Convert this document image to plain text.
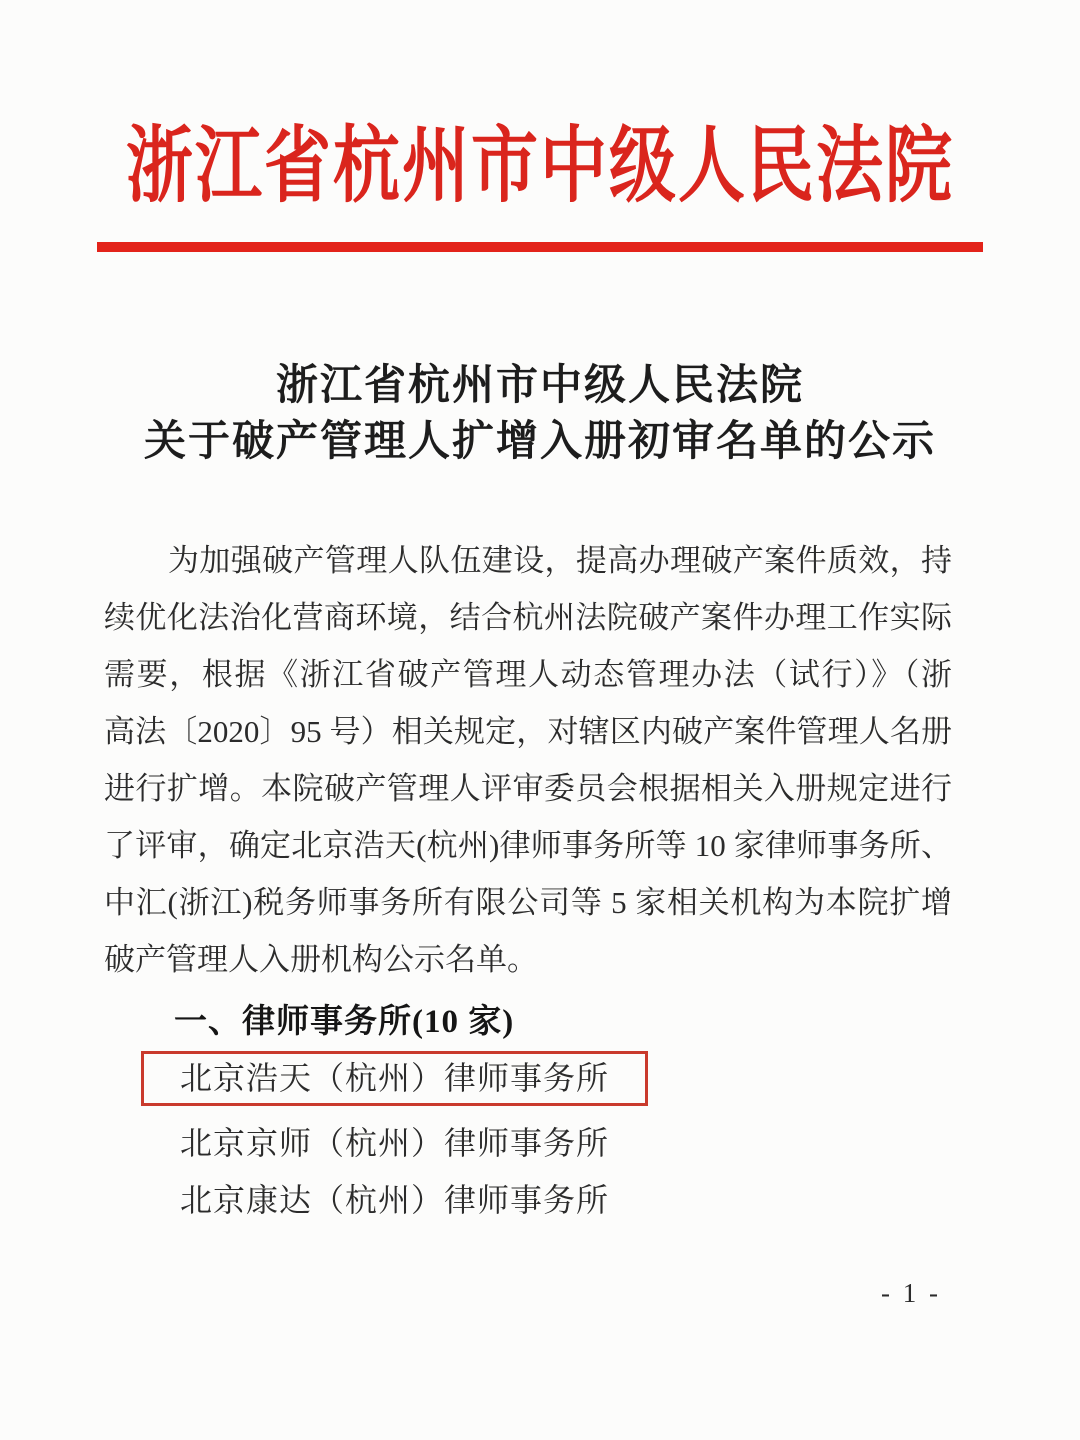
浙江省杭州市中级人民法院
浙江省杭州市中级人民法院
关于破产管理人扩增入册初审名单的公示
为加强破产管理人队伍建设，提高办理破产案件质效，持
续优化法治化营商环境，结合杭州法院破产案件办理工作实际
需要，根据《浙江省破产管理人动态管理办法（试行）》（浙
高法〔2020〕95 号）相关规定，对辖区内破产案件管理人名册
进行扩增。本院破产管理人评审委员会根据相关入册规定进行
了评审，确定北京浩天(杭州)律师事务所等 10 家律师事务所、
中汇(浙江)税务师事务所有限公司等 5 家相关机构为本院扩增
破产管理人入册机构公示名单。
一、律师事务所(10 家)
北京浩天（杭州）律师事务所
北京京师（杭州）律师事务所
北京康达（杭州）律师事务所
- 1 -
